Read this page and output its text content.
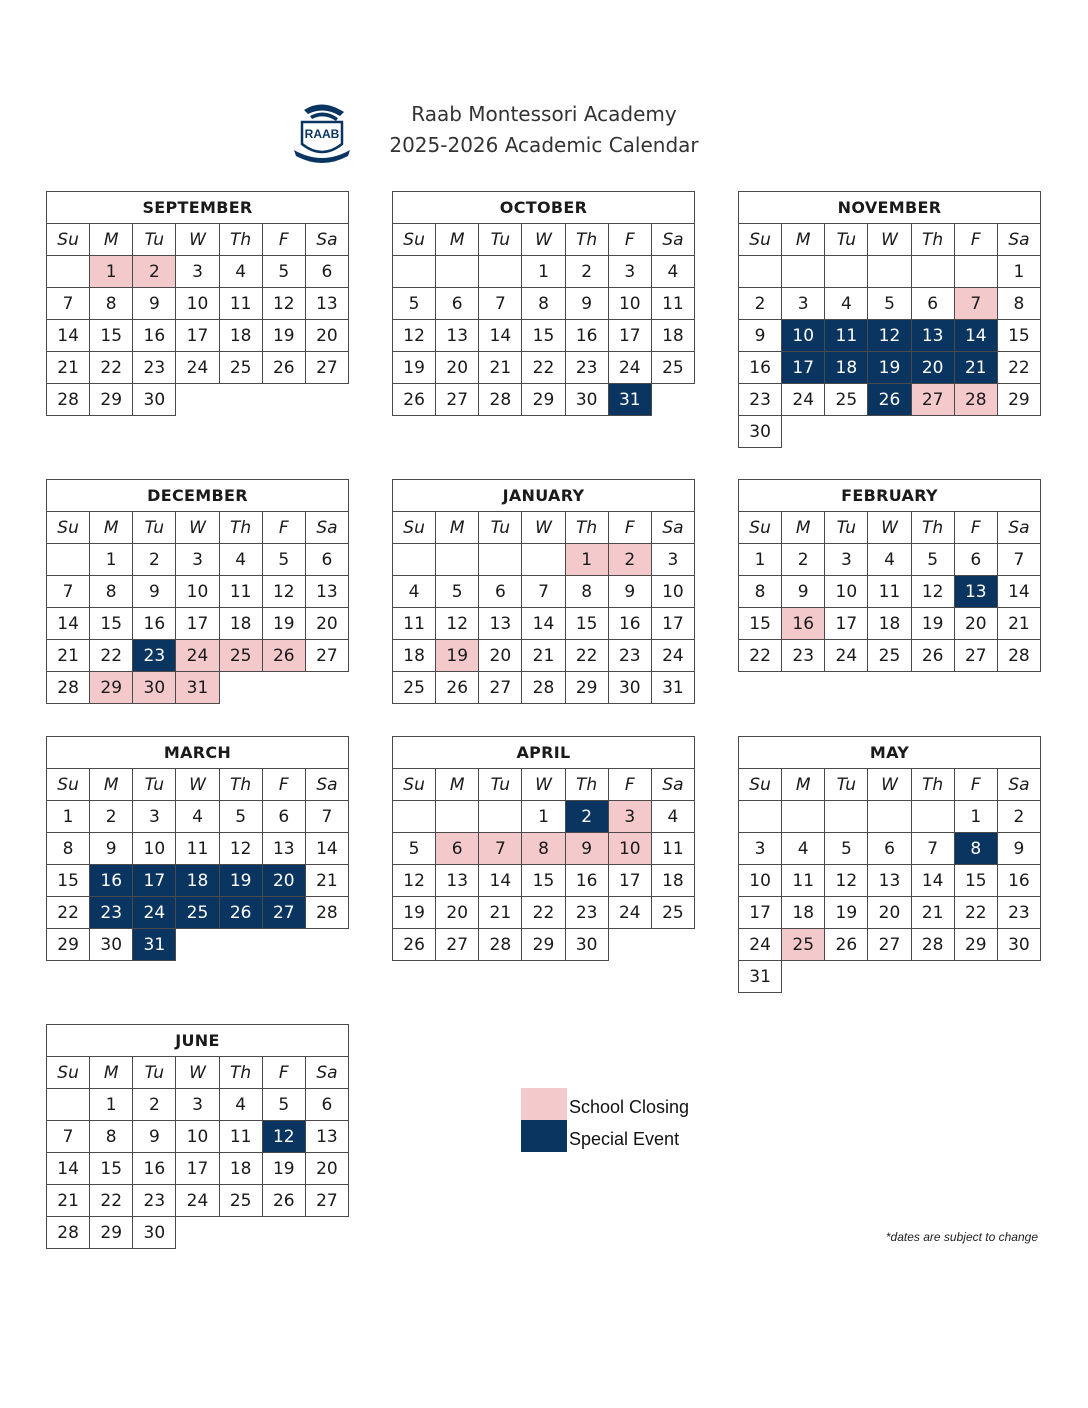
RAAB
Raab Montessori Academy
2025-2026 Academic Calendar
SEPTEMBER						
Su	M	Tu	W	Th	F	Sa
	1	2	3	4	5	6
7	8	9	10	11	12	13
14	15	16	17	18	19	20
21	22	23	24	25	26	27
28	29	30				
OCTOBER						
Su	M	Tu	W	Th	F	Sa
			1	2	3	4
5	6	7	8	9	10	11
12	13	14	15	16	17	18
19	20	21	22	23	24	25
26	27	28	29	30	31	
NOVEMBER						
Su	M	Tu	W	Th	F	Sa
						1
2	3	4	5	6	7	8
9	10	11	12	13	14	15
16	17	18	19	20	21	22
23	24	25	26	27	28	29
30						
DECEMBER						
Su	M	Tu	W	Th	F	Sa
	1	2	3	4	5	6
7	8	9	10	11	12	13
14	15	16	17	18	19	20
21	22	23	24	25	26	27
28	29	30	31			
JANUARY						
Su	M	Tu	W	Th	F	Sa
				1	2	3
4	5	6	7	8	9	10
11	12	13	14	15	16	17
18	19	20	21	22	23	24
25	26	27	28	29	30	31
FEBRUARY						
Su	M	Tu	W	Th	F	Sa
1	2	3	4	5	6	7
8	9	10	11	12	13	14
15	16	17	18	19	20	21
22	23	24	25	26	27	28
MARCH						
Su	M	Tu	W	Th	F	Sa
1	2	3	4	5	6	7
8	9	10	11	12	13	14
15	16	17	18	19	20	21
22	23	24	25	26	27	28
29	30	31				
APRIL						
Su	M	Tu	W	Th	F	Sa
			1	2	3	4
5	6	7	8	9	10	11
12	13	14	15	16	17	18
19	20	21	22	23	24	25
26	27	28	29	30		
MAY						
Su	M	Tu	W	Th	F	Sa
					1	2
3	4	5	6	7	8	9
10	11	12	13	14	15	16
17	18	19	20	21	22	23
24	25	26	27	28	29	30
31						
JUNE						
Su	M	Tu	W	Th	F	Sa
	1	2	3	4	5	6
7	8	9	10	11	12	13
14	15	16	17	18	19	20
21	22	23	24	25	26	27
28	29	30				
School Closing
Special Event
*dates are subject to change
